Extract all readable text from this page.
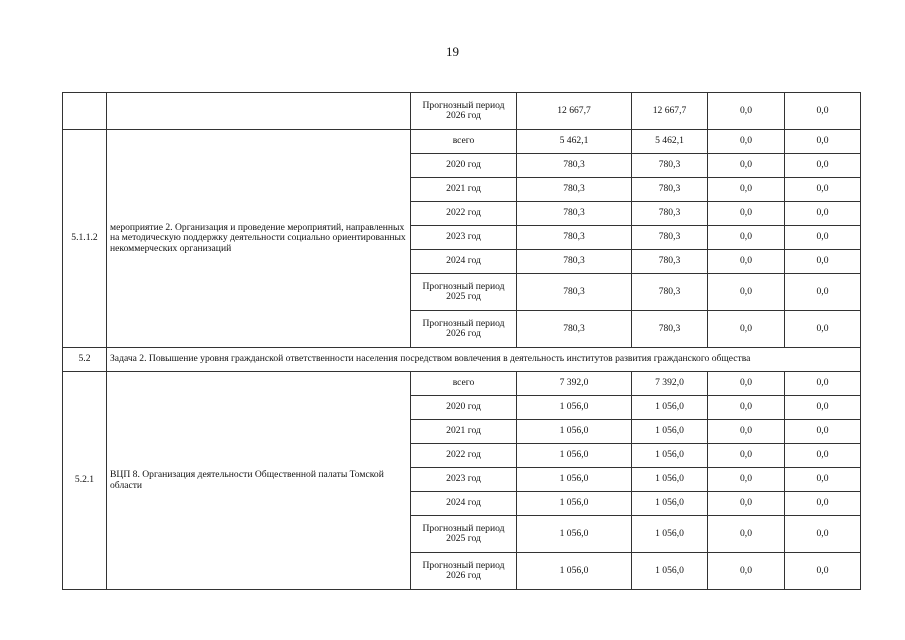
19
		Прогнозный период 2026 год	12 667,7	12 667,7	0,0	0,0
5.1.1.2	мероприятие 2. Организация и проведение мероприятий, направленных на методическую поддержку деятельности социально ориентированных некоммерческих организаций	всего	5 462,1	5 462,1	0,0	0,0
		2020 год	780,3	780,3	0,0	0,0
		2021 год	780,3	780,3	0,0	0,0
		2022 год	780,3	780,3	0,0	0,0
		2023 год	780,3	780,3	0,0	0,0
		2024 год	780,3	780,3	0,0	0,0
		Прогнозный период 2025 год	780,3	780,3	0,0	0,0
		Прогнозный период 2026 год	780,3	780,3	0,0	0,0
5.2	Задача 2. Повышение уровня гражданской ответственности населения посредством вовлечения в деятельность институтов развития гражданского общества					
5.2.1	ВЦП 8. Организация деятельности Общественной палаты Томской области	всего	7 392,0	7 392,0	0,0	0,0
		2020 год	1 056,0	1 056,0	0,0	0,0
		2021 год	1 056,0	1 056,0	0,0	0,0
		2022 год	1 056,0	1 056,0	0,0	0,0
		2023 год	1 056,0	1 056,0	0,0	0,0
		2024 год	1 056,0	1 056,0	0,0	0,0
		Прогнозный период 2025 год	1 056,0	1 056,0	0,0	0,0
		Прогнозный период 2026 год	1 056,0	1 056,0	0,0	0,0
